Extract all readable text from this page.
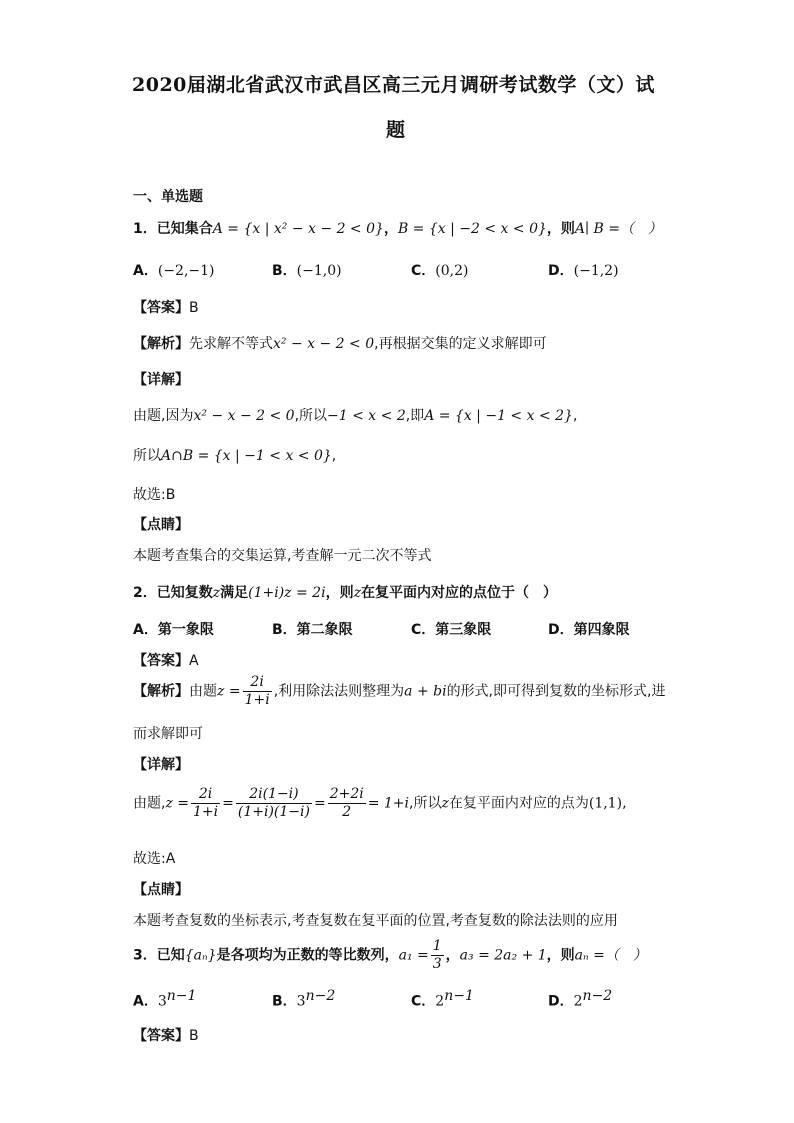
2020届湖北省武汉市武昌区高三元月调研考试数学（文）试
题
一、单选题
1．已知集合A = {x | x² − x − 2 < 0}，B = {x | −2 < x < 0}，则A∣ B =（　）
A．(−2,−1)	B．(−1,0)	C．(0,2)	D．(−1,2)
【答案】B
【解析】先求解不等式x² − x − 2 < 0,再根据交集的定义求解即可
【详解】
由题,因为x² − x − 2 < 0,所以−1 < x < 2,即A = {x | −1 < x < 2},
所以A∩B = {x | −1 < x < 0},
故选:B
【点睛】
本题考查集合的交集运算,考查解一元二次不等式
2．已知复数z满足(1+i)z = 2i，则z在复平面内对应的点位于（　）
A．第一象限	B．第二象限	C．第三象限	D．第四象限
【答案】A
【解析】由题$z = \frac{2i}{1+i}$ ,利用除法法则整理为a + bi的形式,即可得到复数的坐标形式,进
而求解即可
【详解】
由题$,z = \frac{2i}{1+i} = \frac{2i(1-i)}{(1+i)(1-i)} = \frac{2+2i}{2} = 1+i$,所以z在复平面内对应的点为(1,1),
故选:A
【点睛】
本题考查复数的坐标表示,考查复数在复平面的位置,考查复数的除法法则的应用
3．已知{aₙ}是各项均为正数的等比数列，$a_1 = \frac{1}{3}$ ，a₃ = 2a₂ + 1，则aₙ =（　）
A．$3^{n-1}$	B．$3^{n-2}$	C．$2^{n-1}$	D．$2^{n-2}$
【答案】B
